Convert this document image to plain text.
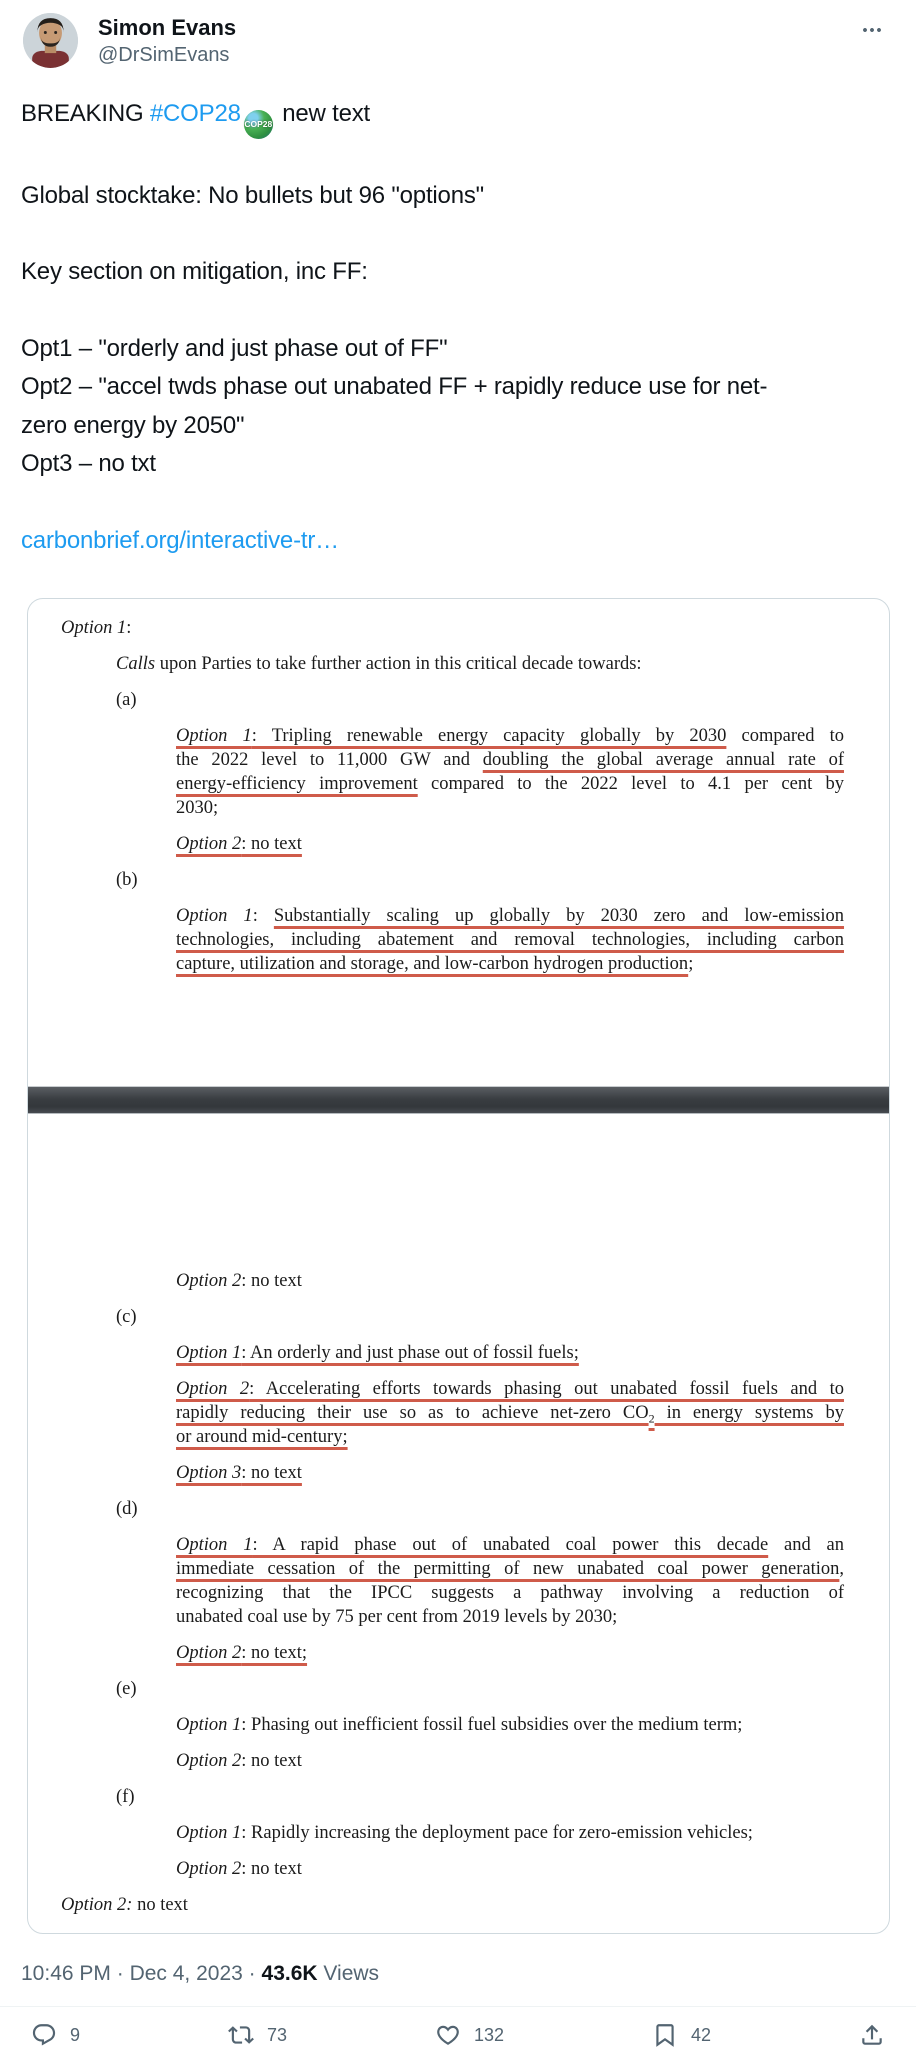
Simon Evans
@DrSimEvans

BREAKING #COP28 COP28 new text

Global stocktake: No bullets but 96 "options"

Key section on mitigation, inc FF:

Opt1 – "orderly and just phase out of FF"
Opt2 – "accel twds phase out unabated FF + rapidly reduce use for net-
zero energy by 2050"
Opt3 – no txt

carbonbrief.org/interactive-tr…

Option 1:
Calls upon Parties to take further action in this critical decade towards:
(a)
Option 1: Tripling renewable energy capacity globally by 2030 compared to
the 2022 level to 11,000 GW and doubling the global average annual rate of
energy-efficiency improvement compared to the 2022 level to 4.1 per cent by
2030;
Option 2: no text
(b)
Option 1: Substantially scaling up globally by 2030 zero and low-emission
technologies, including abatement and removal technologies, including carbon
capture, utilization and storage, and low-carbon hydrogen production;
Option 2: no text
(c)
Option 1: An orderly and just phase out of fossil fuels;
Option 2: Accelerating efforts towards phasing out unabated fossil fuels and to
rapidly reducing their use so as to achieve net-zero $CO_2$ in energy systems by
or around mid-century;
Option 3: no text
(d)
Option 1: A rapid phase out of unabated coal power this decade and an
immediate cessation of the permitting of new unabated coal power generation,
recognizing that the IPCC suggests a pathway involving a reduction of
unabated coal use by 75 per cent from 2019 levels by 2030;
Option 2: no text;
(e)
Option 1: Phasing out inefficient fossil fuel subsidies over the medium term;
Option 2: no text
(f)
Option 1: Rapidly increasing the deployment pace for zero-emission vehicles;
Option 2: no text
Option 2: no text
10:46 PM · Dec 4, 2023 · 43.6K Views
9	73	132	42
